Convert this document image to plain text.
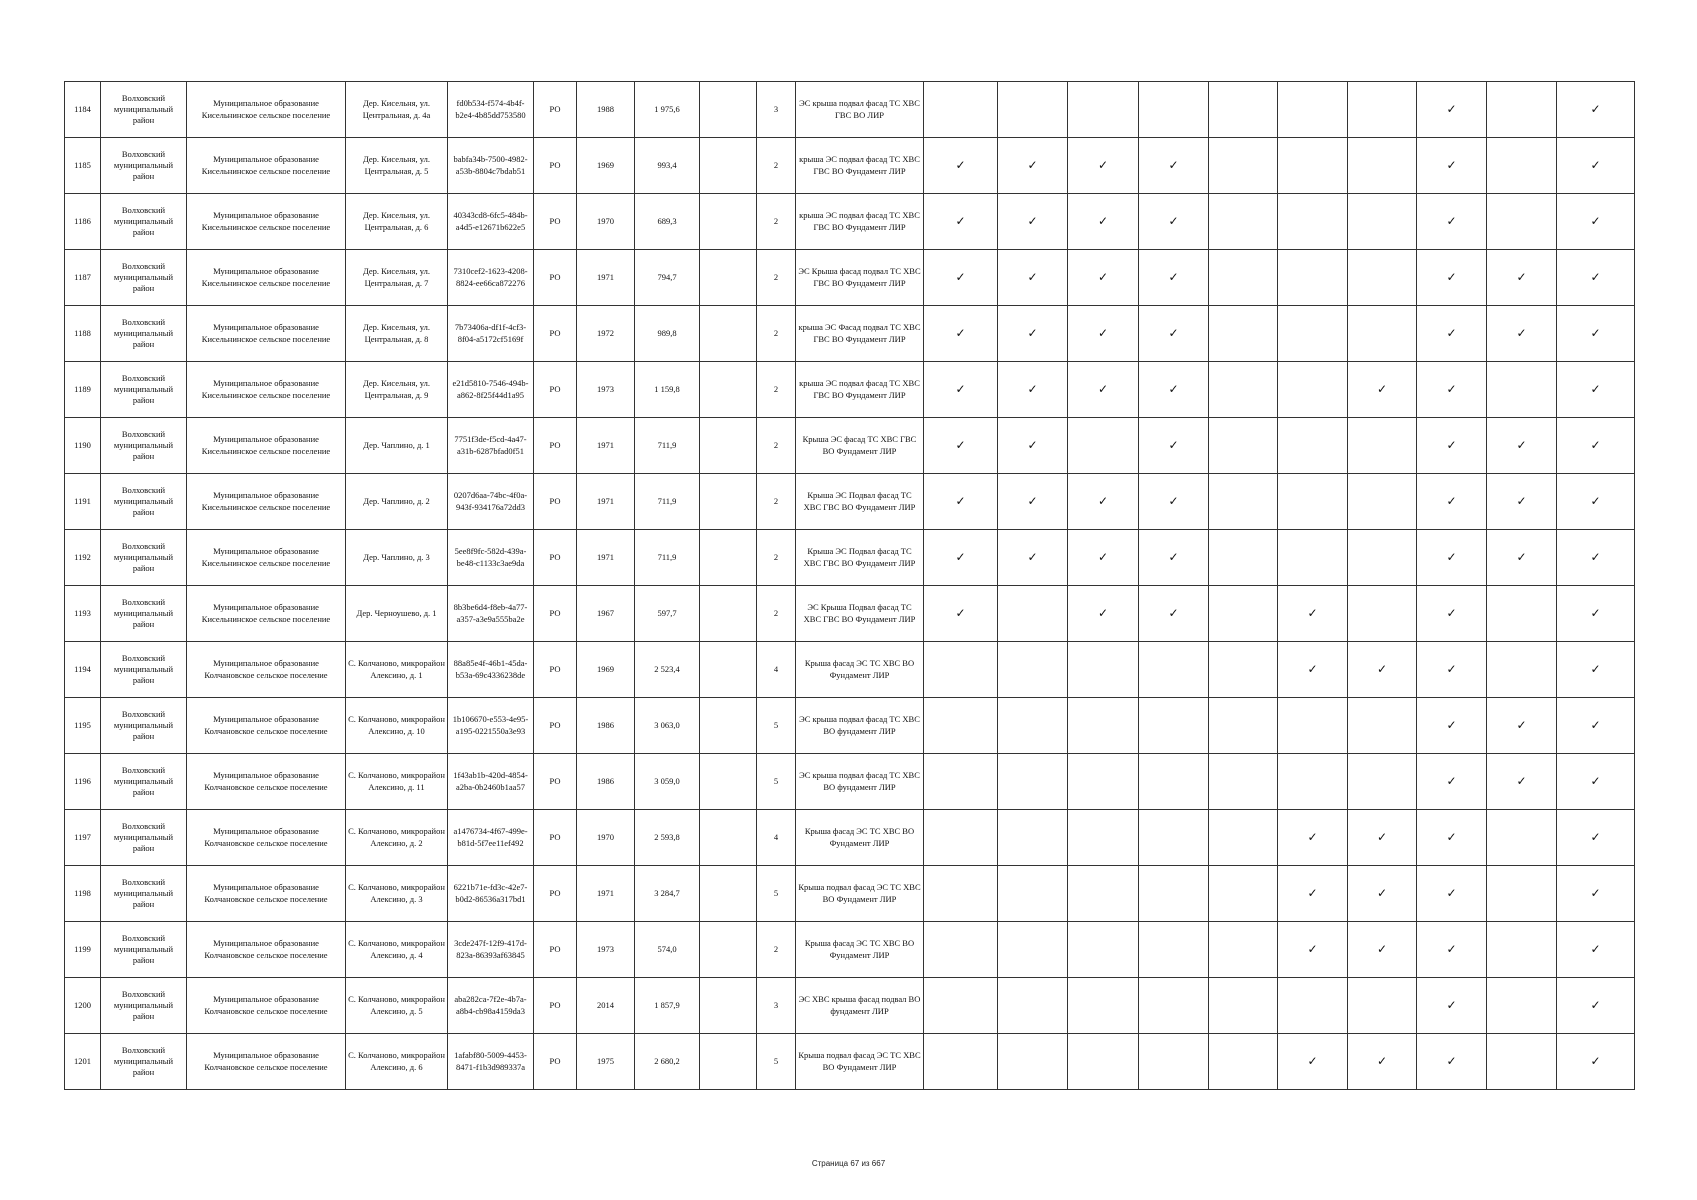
1184	Волховский муниципальный район	Муниципальное образование Кисельнинское сельское поселение	Дер. Кисельня, ул. Центральная, д. 4а	fd0b534-f574-4b4f-b2e4-4b85dd753580	РО	1988	1 975,6		3	ЭС крыша подвал фасад ТС ХВС ГВС ВО ЛИР								✓		✓
1185	Волховский муниципальный район	Муниципальное образование Кисельнинское сельское поселение	Дер. Кисельня, ул. Центральная, д. 5	babfa34b-7500-4982-a53b-8804c7bdab51	РО	1969	993,4		2	крыша ЭС подвал фасад ТС ХВС ГВС ВО Фундамент ЛИР	✓	✓	✓	✓				✓		✓
1186	Волховский муниципальный район	Муниципальное образование Кисельнинское сельское поселение	Дер. Кисельня, ул. Центральная, д. 6	40343cd8-6fc5-484b-a4d5-e12671b622e5	РО	1970	689,3		2	крыша ЭС подвал фасад ТС ХВС ГВС ВО Фундамент ЛИР	✓	✓	✓	✓				✓		✓
1187	Волховский муниципальный район	Муниципальное образование Кисельнинское сельское поселение	Дер. Кисельня, ул. Центральная, д. 7	7310cef2-1623-4208-8824-ee66ca872276	РО	1971	794,7		2	ЭС Крыша фасад подвал ТС ХВС ГВС ВО Фундамент ЛИР	✓	✓	✓	✓				✓	✓	✓
1188	Волховский муниципальный район	Муниципальное образование Кисельнинское сельское поселение	Дер. Кисельня, ул. Центральная, д. 8	7b73406a-df1f-4cf3-8f04-a5172cf5169f	РО	1972	989,8		2	крыша ЭС Фасад подвал ТС ХВС ГВС ВО Фундамент ЛИР	✓	✓	✓	✓				✓	✓	✓
1189	Волховский муниципальный район	Муниципальное образование Кисельнинское сельское поселение	Дер. Кисельня, ул. Центральная, д. 9	e21d5810-7546-494b-a862-8f25f44d1a95	РО	1973	1 159,8		2	крыша ЭС подвал фасад ТС ХВС ГВС ВО Фундамент ЛИР	✓	✓	✓	✓			✓	✓		✓
1190	Волховский муниципальный район	Муниципальное образование Кисельнинское сельское поселение	Дер. Чаплино, д. 1	7751f3de-f5cd-4a47-a31b-6287bfad0f51	РО	1971	711,9		2	Крыша ЭС фасад ТС ХВС ГВС ВО Фундамент ЛИР	✓	✓		✓				✓	✓	✓
1191	Волховский муниципальный район	Муниципальное образование Кисельнинское сельское поселение	Дер. Чаплино, д. 2	0207d6aa-74bc-4f0a-943f-934176a72dd3	РО	1971	711,9		2	Крыша ЭС Подвал фасад ТС ХВС ГВС ВО Фундамент ЛИР	✓	✓	✓	✓				✓	✓	✓
1192	Волховский муниципальный район	Муниципальное образование Кисельнинское сельское поселение	Дер. Чаплино, д. 3	5ee8f9fc-582d-439a-be48-c1133c3ae9da	РО	1971	711,9		2	Крыша ЭС Подвал фасад ТС ХВС ГВС ВО Фундамент ЛИР	✓	✓	✓	✓				✓	✓	✓
1193	Волховский муниципальный район	Муниципальное образование Кисельнинское сельское поселение	Дер. Черноушево, д. 1	8b3be6d4-f8eb-4a77-a357-a3e9a555ba2e	РО	1967	597,7		2	ЭС Крыша Подвал фасад ТС ХВС ГВС ВО Фундамент ЛИР	✓		✓	✓		✓		✓		✓
1194	Волховский муниципальный район	Муниципальное образование Колчановское сельское поселение	С. Колчаново, микрорайон Алексино, д. 1	88a85e4f-46b1-45da-b53a-69c4336238de	РО	1969	2 523,4		4	Крыша фасад ЭС ТС ХВС ВО Фундамент ЛИР						✓	✓	✓		✓
1195	Волховский муниципальный район	Муниципальное образование Колчановское сельское поселение	С. Колчаново, микрорайон Алексино, д. 10	1b106670-e553-4e95-a195-0221550a3e93	РО	1986	3 063,0		5	ЭС крыша подвал фасад ТС ХВС ВО фундамент ЛИР								✓	✓	✓
1196	Волховский муниципальный район	Муниципальное образование Колчановское сельское поселение	С. Колчаново, микрорайон Алексино, д. 11	1f43ab1b-420d-4854-a2ba-0b2460b1aa57	РО	1986	3 059,0		5	ЭС крыша подвал фасад ТС ХВС ВО фундамент ЛИР								✓	✓	✓
1197	Волховский муниципальный район	Муниципальное образование Колчановское сельское поселение	С. Колчаново, микрорайон Алексино, д. 2	a1476734-4f67-499e-b81d-5f7ee11ef492	РО	1970	2 593,8		4	Крыша фасад ЭС ТС ХВС ВО Фундамент ЛИР						✓	✓	✓		✓
1198	Волховский муниципальный район	Муниципальное образование Колчановское сельское поселение	С. Колчаново, микрорайон Алексино, д. 3	6221b71e-fd3c-42e7-b0d2-86536a317bd1	РО	1971	3 284,7		5	Крыша подвал фасад ЭС ТС ХВС ВО Фундамент ЛИР						✓	✓	✓		✓
1199	Волховский муниципальный район	Муниципальное образование Колчановское сельское поселение	С. Колчаново, микрорайон Алексино, д. 4	3cde247f-12f9-417d-823a-86393af63845	РО	1973	574,0		2	Крыша фасад ЭС ТС ХВС ВО Фундамент ЛИР						✓	✓	✓		✓
1200	Волховский муниципальный район	Муниципальное образование Колчановское сельское поселение	С. Колчаново, микрорайон Алексино, д. 5	aba282ca-7f2e-4b7a-a8b4-cb98a4159da3	РО	2014	1 857,9		3	ЭС ХВС крыша фасад подвал ВО фундамент ЛИР								✓		✓
1201	Волховский муниципальный район	Муниципальное образование Колчановское сельское поселение	С. Колчаново, микрорайон Алексино, д. 6	1afabf80-5009-4453-8471-f1b3d989337a	РО	1975	2 680,2		5	Крыша подвал фасад ЭС ТС ХВС ВО Фундамент ЛИР						✓	✓	✓		✓
Страница 67 из 667
